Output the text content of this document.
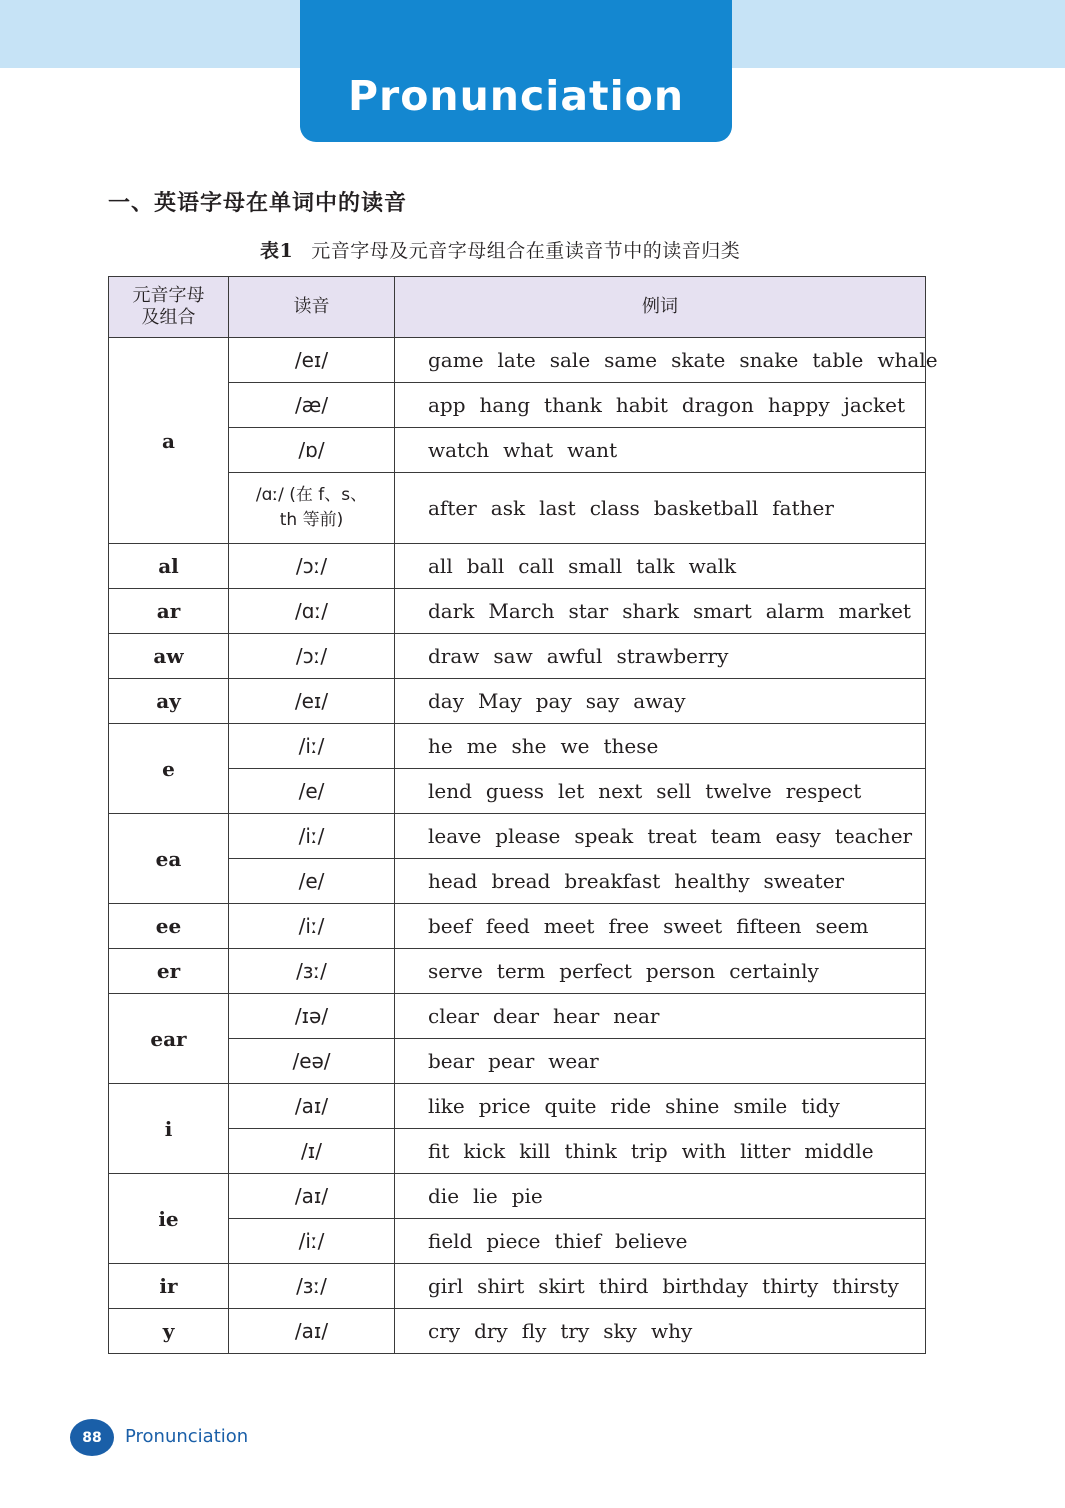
Pronunciation
一、英语字母在单词中的读音
表1 元音字母及元音字母组合在重读音节中的读音归类
元音字母及组合	读音	例词
a	/eɪ/	game late sale same skate snake table whale
	/æ/	app hang thank habit dragon happy jacket
	/ɒ/	watch what want

	/ɑː/ (在 f、s、th 等前)	after ask last class basketball father
al	/ɔː/	all ball call small talk walk
ar	/ɑː/	dark March star shark smart alarm market
aw	/ɔː/	draw saw awful strawberry
ay	/eɪ/	day May pay say away
e	/iː/	he me she we these
	/e/	lend guess let next sell twelve respect
ea	/iː/	leave please speak treat team easy teacher
	/e/	head bread breakfast healthy sweater
ee	/iː/	beef feed meet free sweet fifteen seem
er	/ɜː/	serve term perfect person certainly
ear	/ɪə/	clear dear hear near
	/eə/	bear pear wear
i	/aɪ/	like price quite ride shine smile tidy
	/ɪ/	fit kick kill think trip with litter middle
ie	/aɪ/	die lie pie
	/iː/	field piece thief believe
ir	/ɜː/	girl shirt skirt third birthday thirty thirsty
y	/aɪ/	cry dry fly try sky why
88 Pronunciation
